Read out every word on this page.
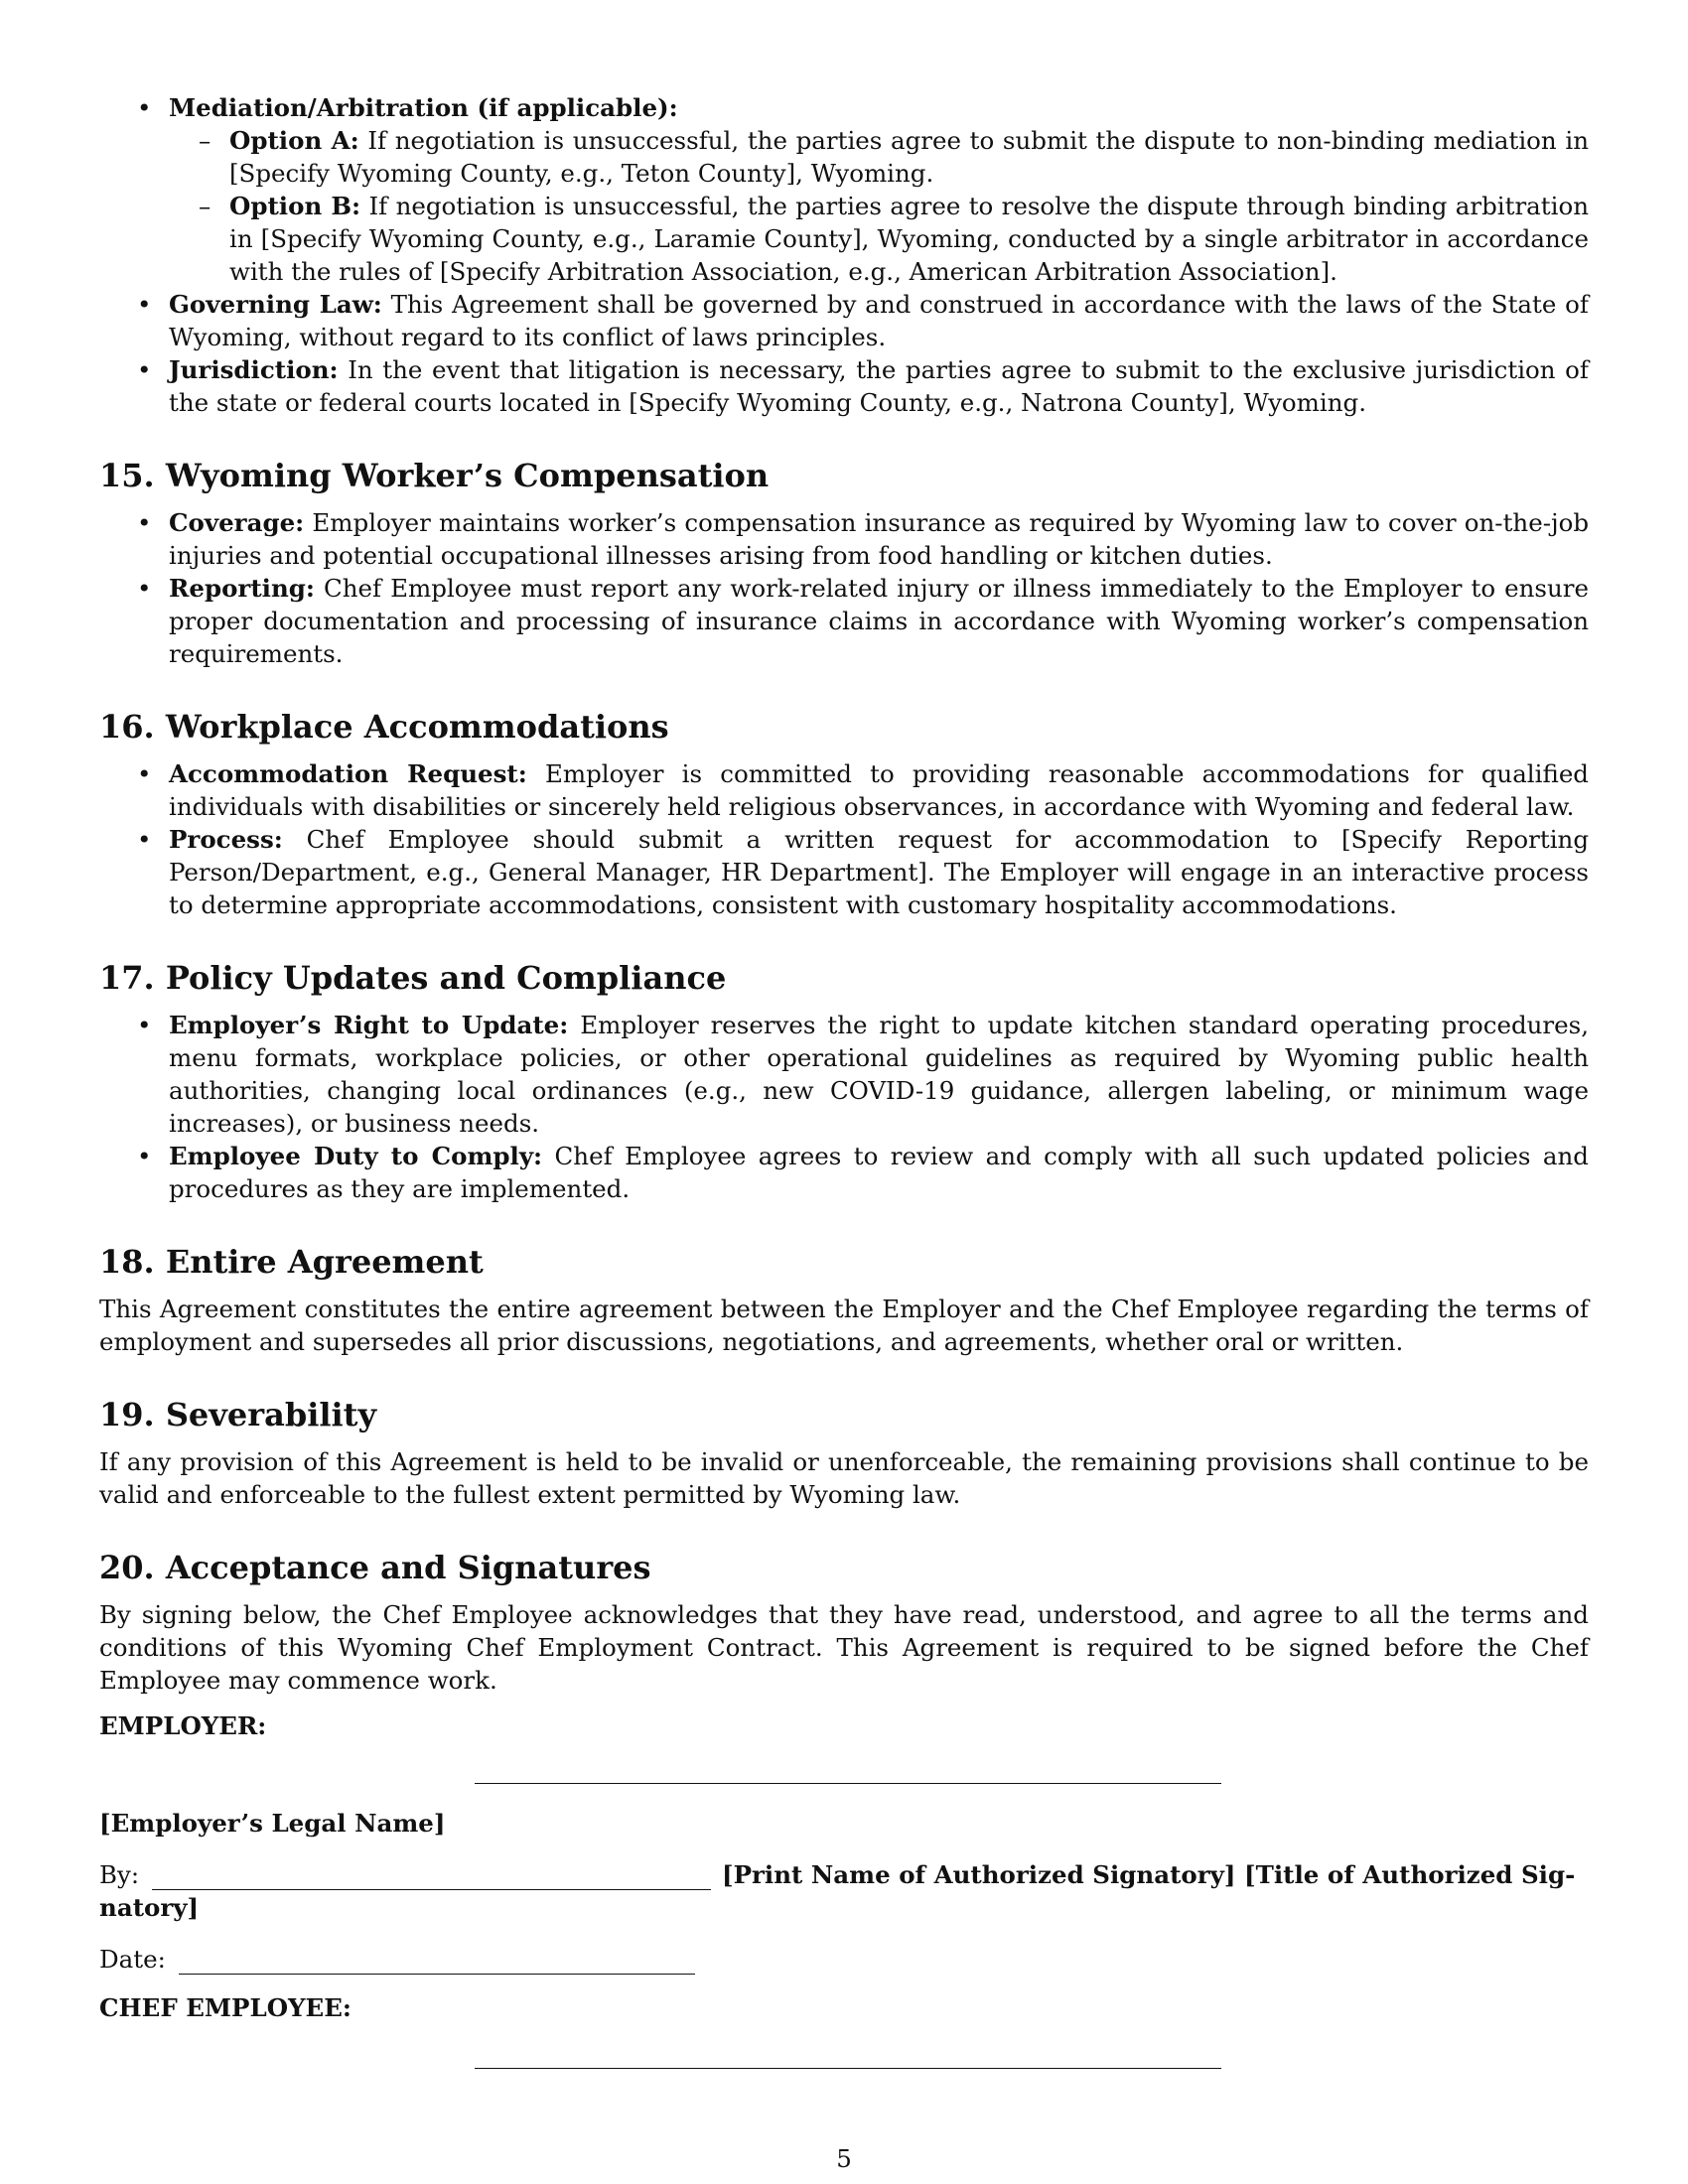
• Mediation/Arbitration (if applicable):
– Option A: If negotiation is unsuccessful, the parties agree to submit the dispute to non-binding mediation in [Specify Wyoming County, e.g., Teton County], Wyoming.
– Option B: If negotiation is unsuccessful, the parties agree to resolve the dispute through binding arbitration in [Specify Wyoming County, e.g., Laramie County], Wyoming, conducted by a single arbitrator in accordance with the rules of [Specify Arbitration Association, e.g., American Arbitration Association].
• Governing Law: This Agreement shall be governed by and construed in accordance with the laws of the State of Wyoming, without regard to its conflict of laws principles.
• Jurisdiction: In the event that litigation is necessary, the parties agree to submit to the exclusive jurisdiction of the state or federal courts located in [Specify Wyoming County, e.g., Natrona County], Wyoming.
15. Wyoming Worker’s Compensation
• Coverage: Employer maintains worker’s compensation insurance as required by Wyoming law to cover on-the-job injuries and potential occupational illnesses arising from food handling or kitchen duties.
• Reporting: Chef Employee must report any work-related injury or illness immediately to the Employer to ensure proper documentation and processing of insurance claims in accordance with Wyoming worker’s compensation requirements.
16. Workplace Accommodations
• Accommodation Request: Employer is committed to providing reasonable accommodations for qualified individuals with disabilities or sincerely held religious observances, in accordance with Wyoming and federal law.
• Process: Chef Employee should submit a written request for accommodation to [Specify Reporting Person/Department, e.g., General Manager, HR Department]. The Employer will engage in an interactive process to determine appropriate accommodations, consistent with customary hospitality accommodations.
17. Policy Updates and Compliance
• Employer’s Right to Update: Employer reserves the right to update kitchen standard operating procedures, menu formats, workplace policies, or other operational guidelines as required by Wyoming public health authorities, changing local ordinances (e.g., new COVID-19 guidance, allergen labeling, or minimum wage increases), or business needs.
• Employee Duty to Comply: Chef Employee agrees to review and comply with all such updated policies and procedures as they are implemented.
18. Entire Agreement

This Agreement constitutes the entire agreement between the Employer and the Chef Employee regarding the terms of employment and supersedes all prior discussions, negotiations, and agreements, whether oral or written.

19. Severability

If any provision of this Agreement is held to be invalid or unenforceable, the remaining provisions shall continue to be valid and enforceable to the fullest extent permitted by Wyoming law.

20. Acceptance and Signatures

By signing below, the Chef Employee acknowledges that they have read, understood, and agree to all the terms and conditions of this Wyoming Chef Employment Contract. This Agreement is required to be signed before the Chef Employee may commence work.

EMPLOYER:
[Employer’s Legal Name]
By:	[Print Name of Authorized Signatory] [Title of Authorized Sig-
natory]
Date:
CHEF EMPLOYEE:
5
